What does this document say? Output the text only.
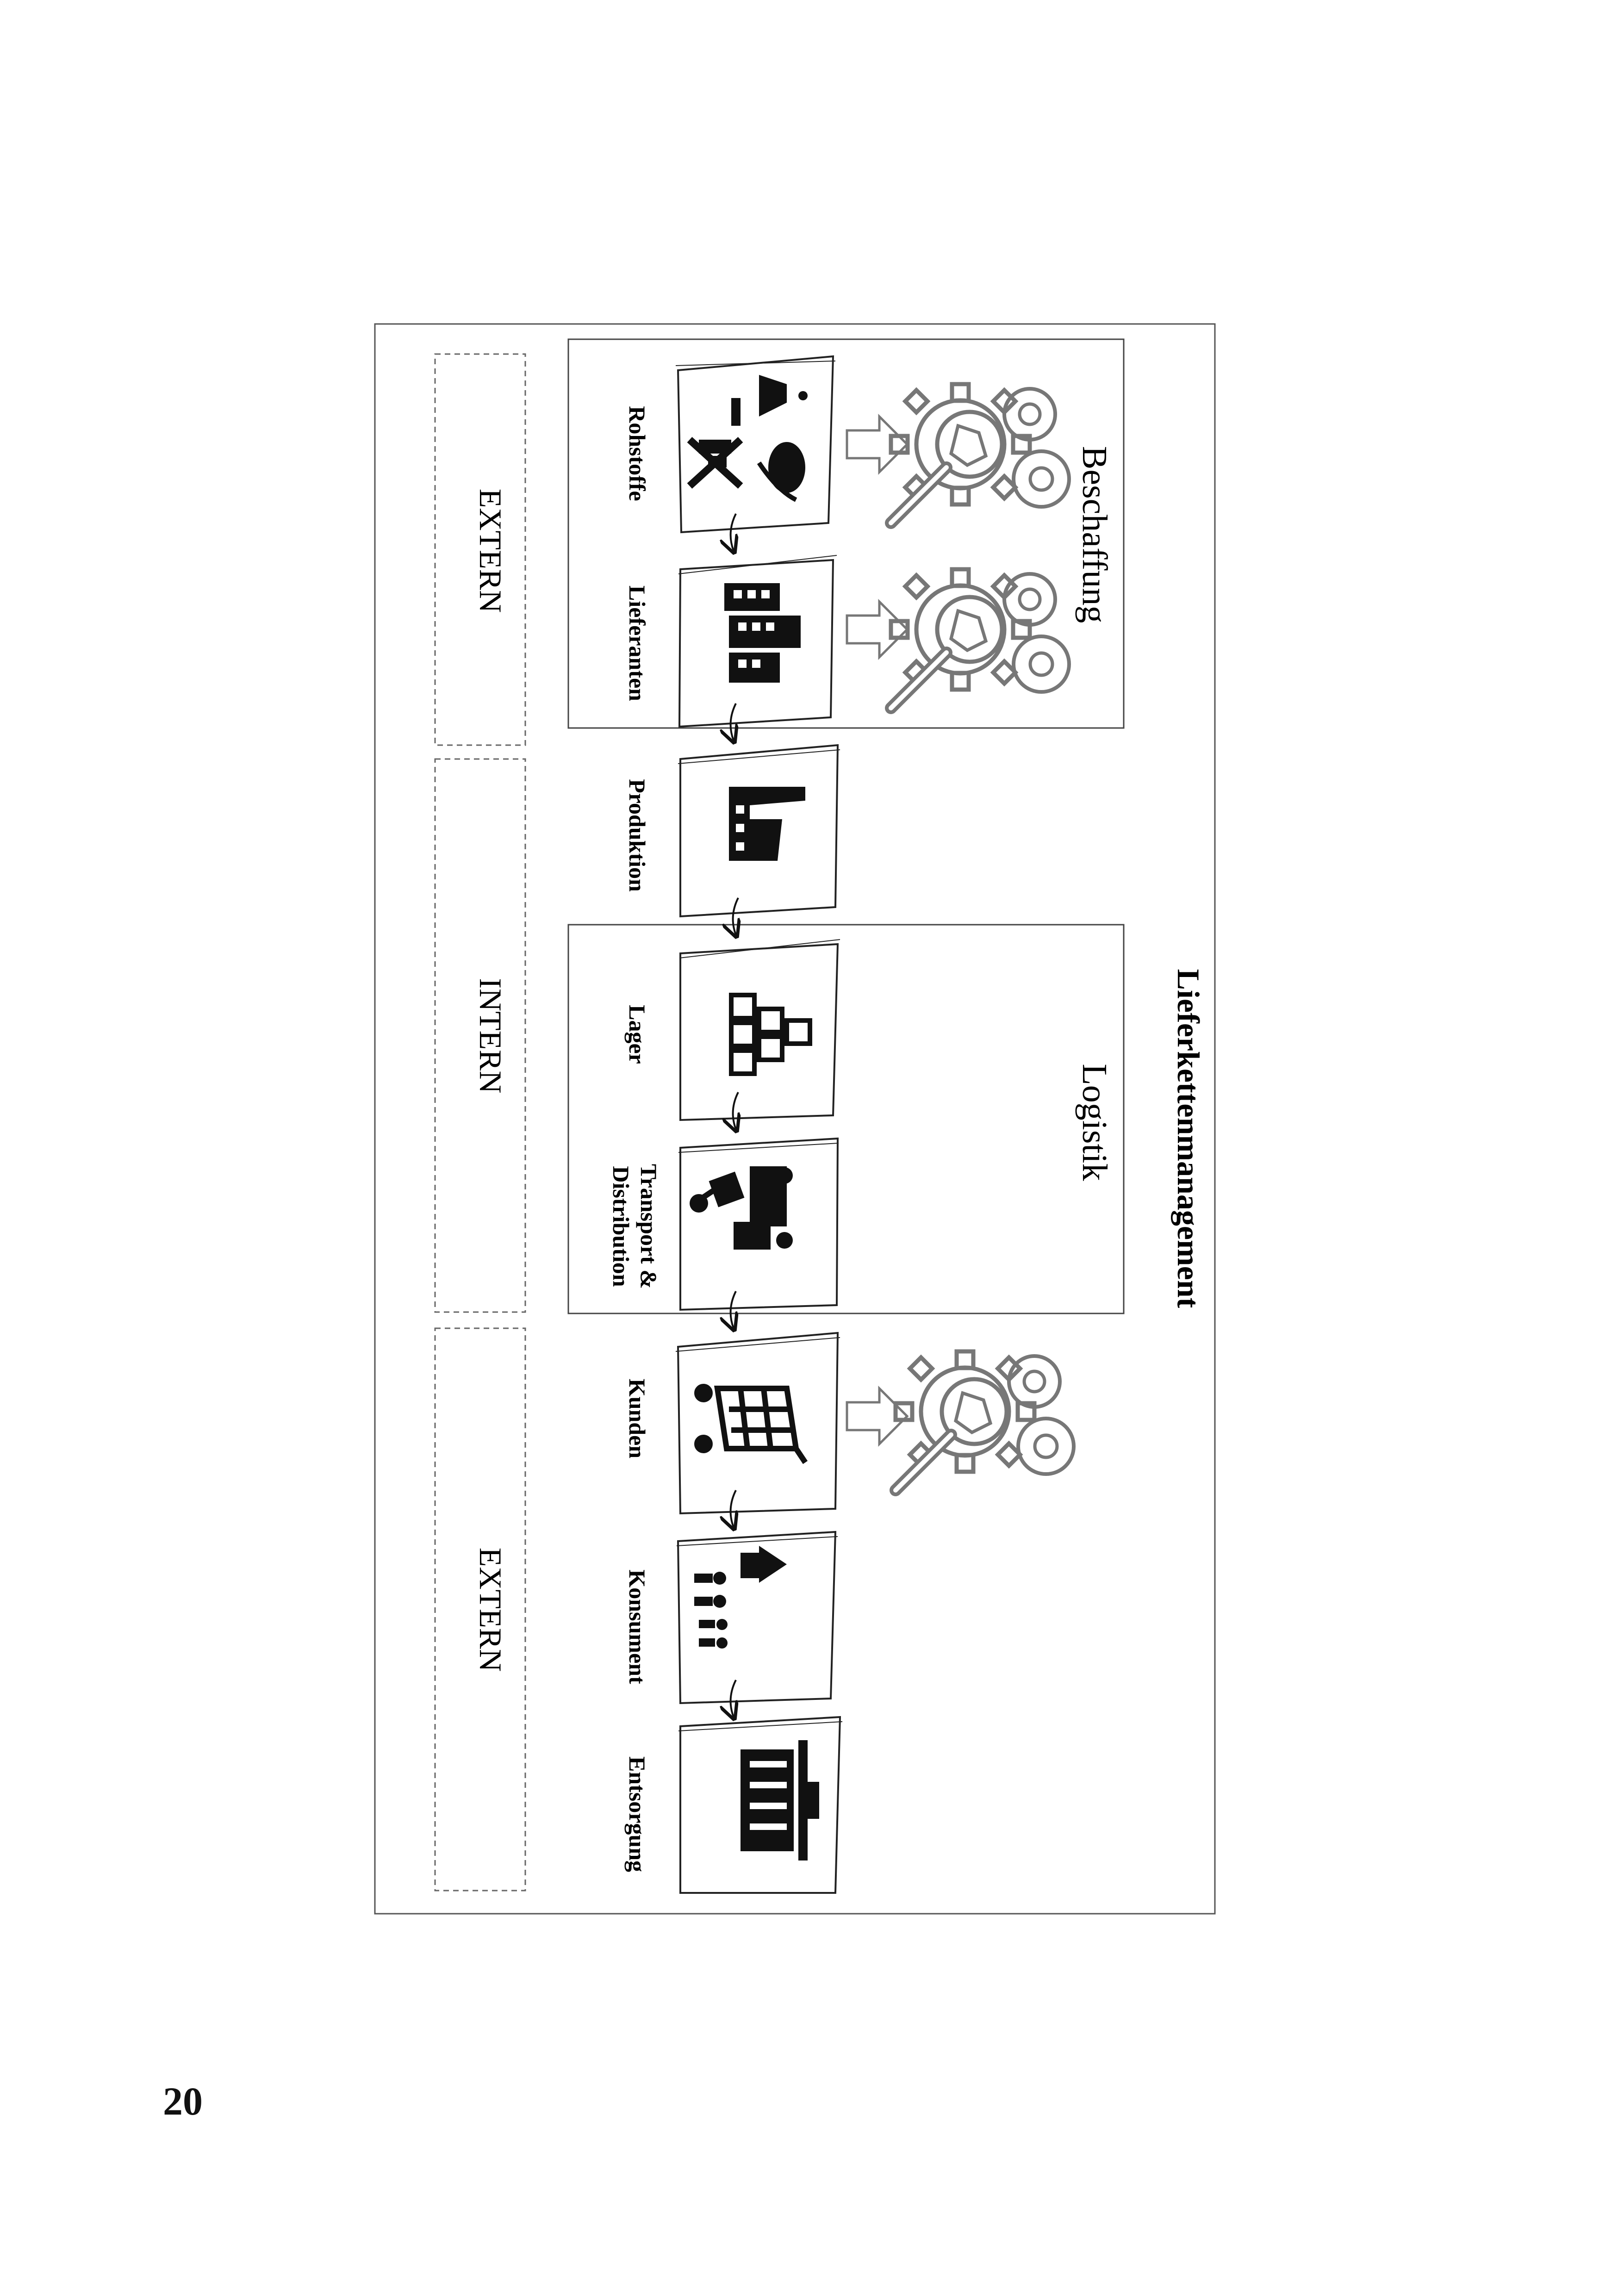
EXTERN
INTERN
EXTERN
Lieferkettenmanagement
Beschaffung
Logistik
Rohstoffe
Lieferanten
Produktion
Lager
Transport &
Distribution
Kunden
Konsument
Entsorgung
20
